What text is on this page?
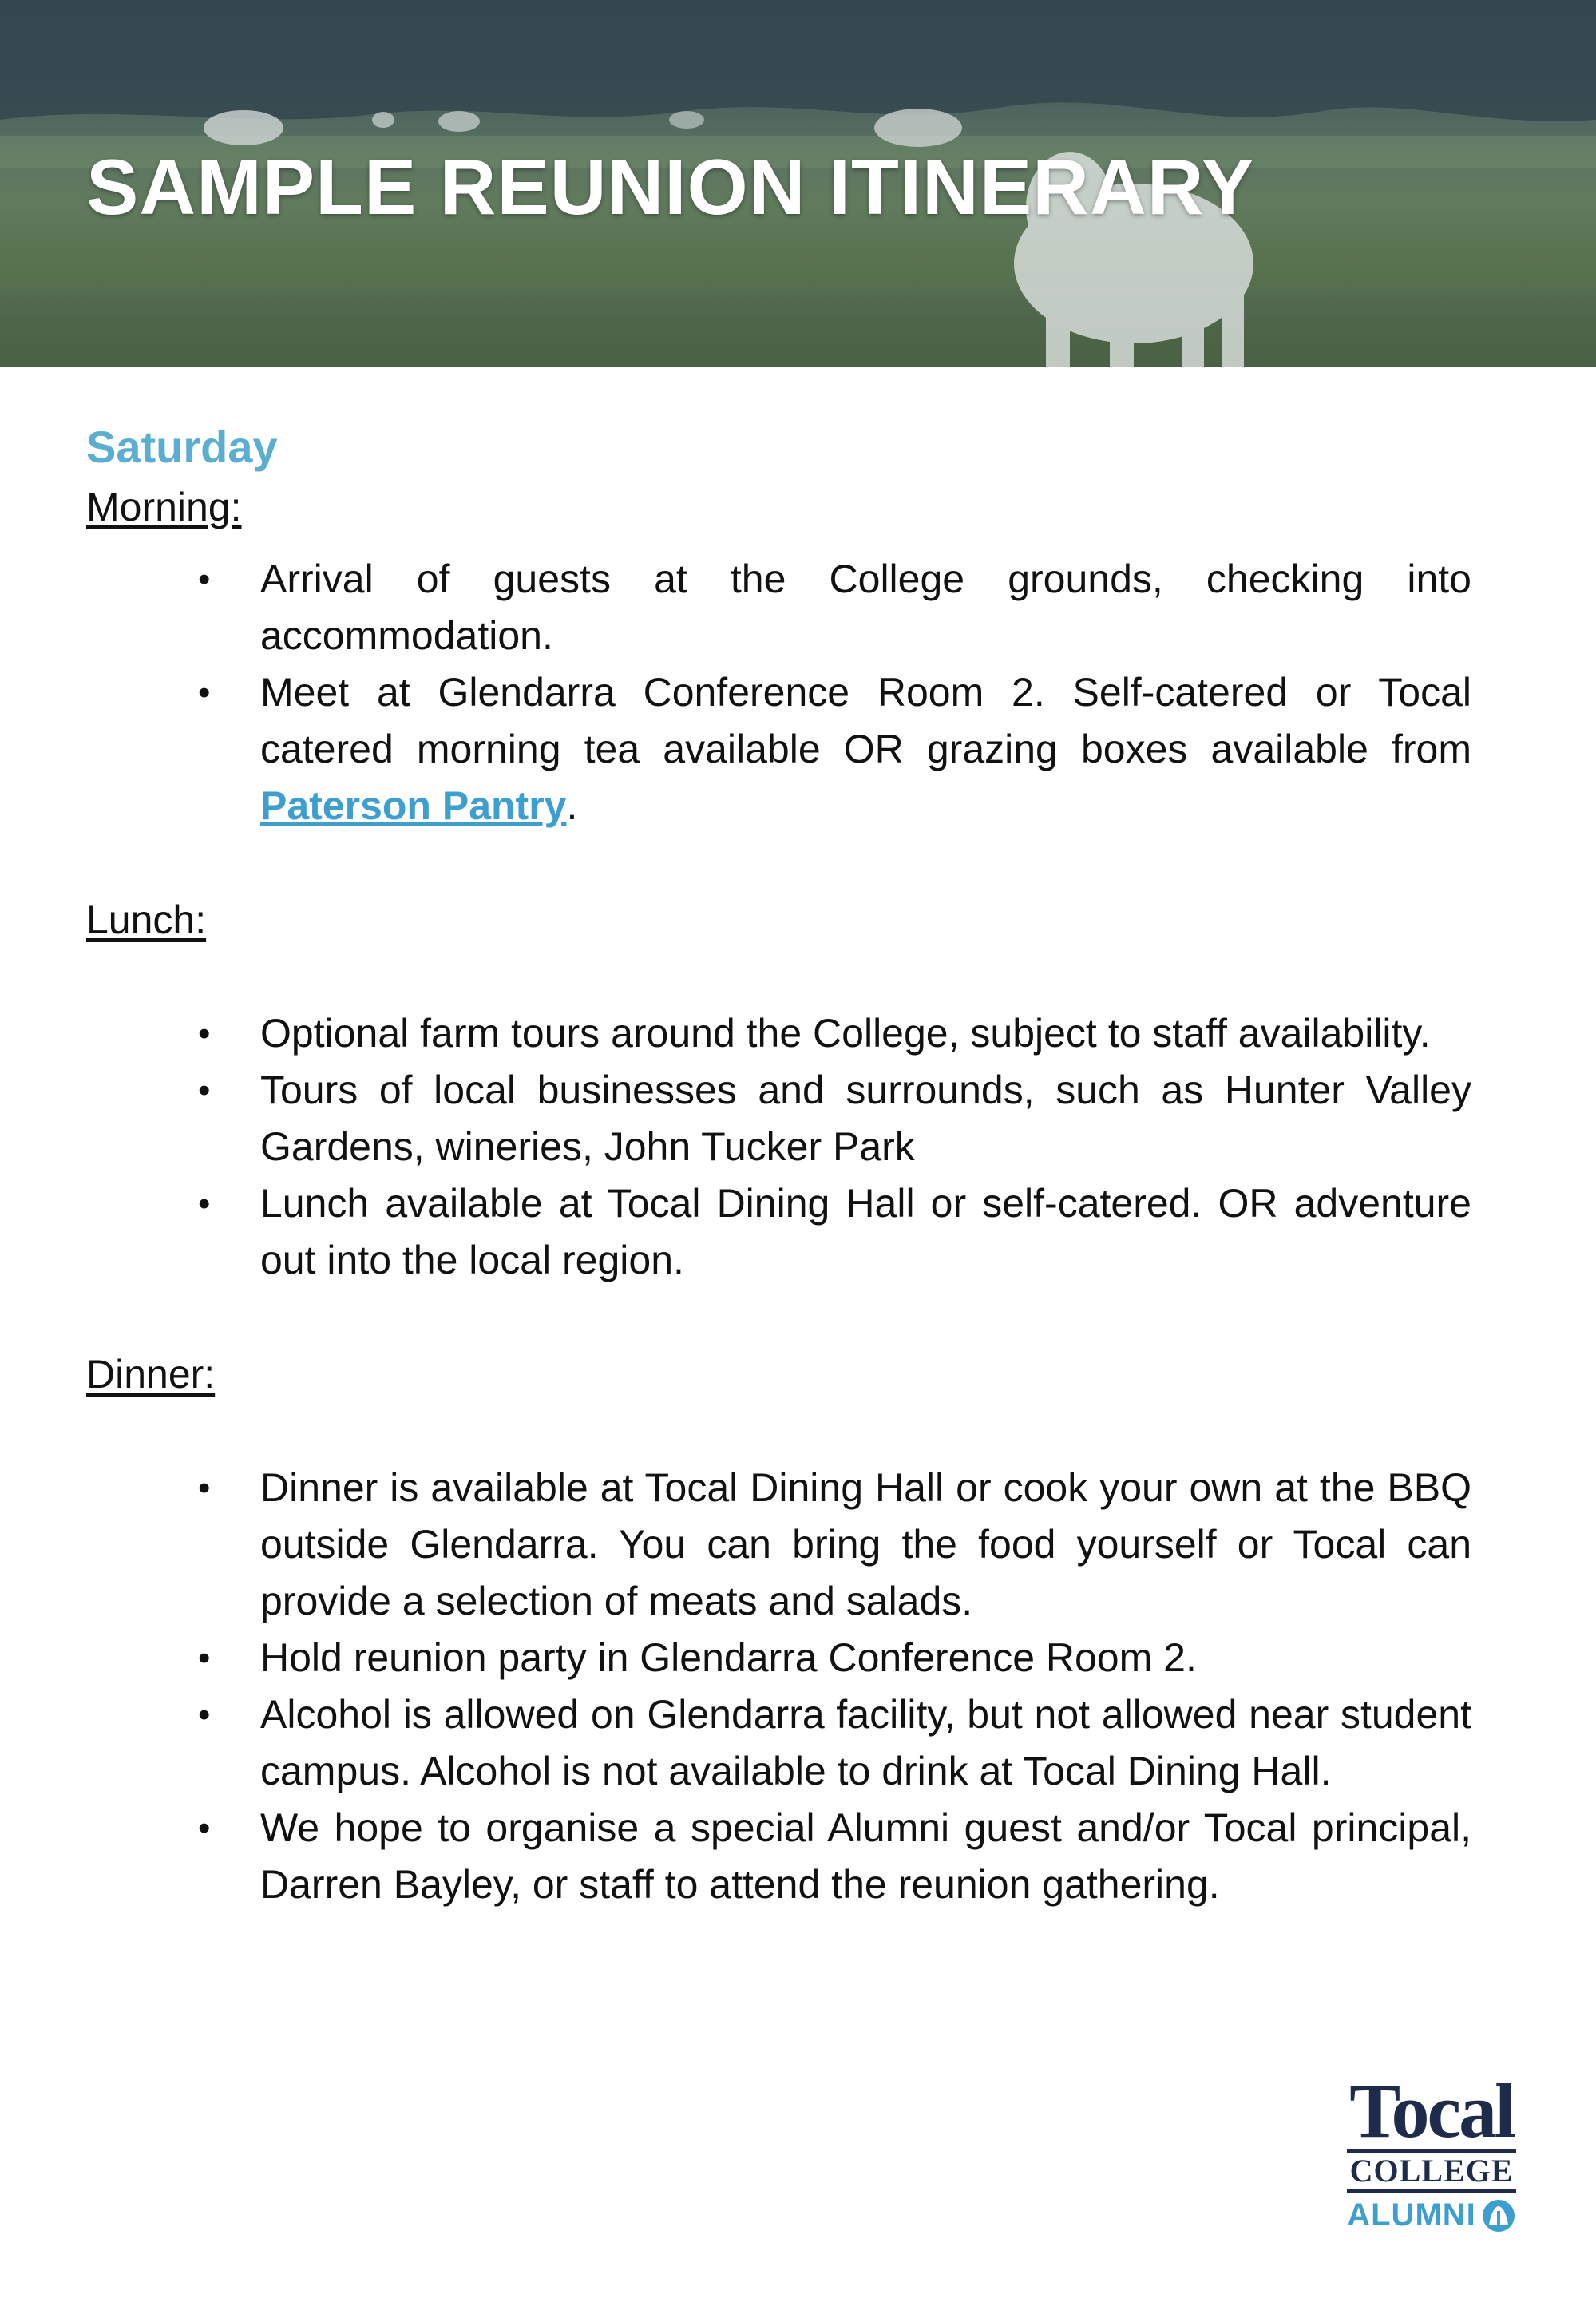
SAMPLE REUNION ITINERARY
Saturday

Morning:

• Arrival of guests at the College grounds, checking into accommodation.
• Meet at Glendarra Conference Room 2. Self-catered or Tocal catered morning tea available OR grazing boxes available from Paterson Pantry.

Lunch:

• Optional farm tours around the College, subject to staff availability.
• Tours of local businesses and surrounds, such as Hunter Valley Gardens, wineries, John Tucker Park
• Lunch available at Tocal Dining Hall or self-catered. OR adventure out into the local region.

Dinner:

• Dinner is available at Tocal Dining Hall or cook your own at the BBQ outside Glendarra. You can bring the food yourself or Tocal can provide a selection of meats and salads.
• Hold reunion party in Glendarra Conference Room 2.
• Alcohol is allowed on Glendarra facility, but not allowed near student campus. Alcohol is not available to drink at Tocal Dining Hall.
• We hope to organise a special Alumni guest and/or Tocal principal, Darren Bayley, or staff to attend the reunion gathering.
Tocal
COLLEGE
ALUMNI
